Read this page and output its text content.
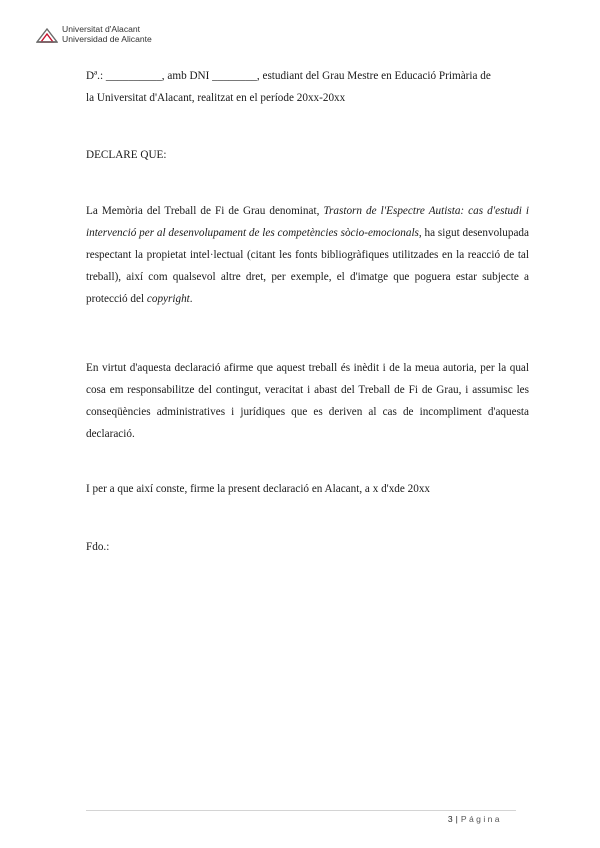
Universitat d'Alacant
Universidad de Alicante
Dª.: __________, amb DNI ________, estudiant del Grau Mestre en Educació Primària de
la Universitat d'Alacant, realitzat en el període 20xx-20xx
DECLARE QUE:
La Memòria del Treball de Fi de Grau denominat, Trastorn de l'Espectre Autista: cas d'estudi i intervenció per al desenvolupament de les competències sòcio-emocionals, ha sigut desenvolupada respectant la propietat intel·lectual (citant les fonts bibliogràfiques utilitzades en la reacció de tal treball), així com qualsevol altre dret, per exemple, el d'imatge que poguera estar subjecte a protecció del copyright.
En virtut d'aquesta declaració afirme que aquest treball és inèdit i de la meua autoria, per la qual cosa em responsabilitze del contingut, veracitat i abast del Treball de Fi de Grau, i assumisc les conseqüències administratives i jurídiques que es deriven al cas de incompliment d'aquesta declaració.
I per a que així conste, firme la present declaració en Alacant, a x d'xde 20xx
Fdo.:
3 | Página
